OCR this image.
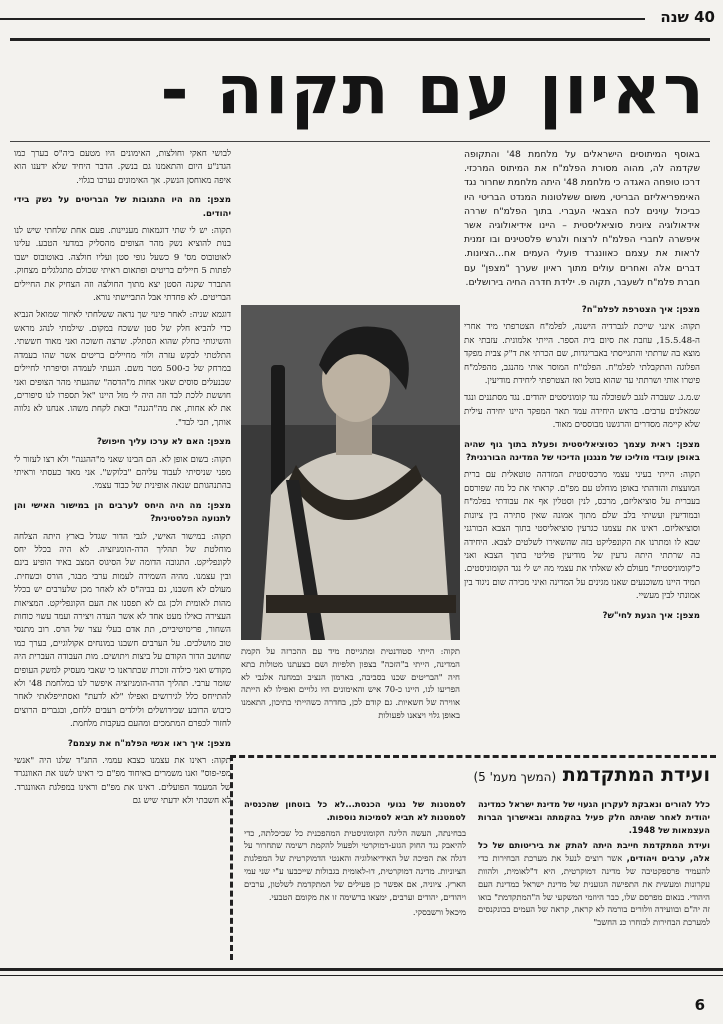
40 שנה
ראיון עם תקוה -
באוסף המיתוסים הישראלים על מלחמת 48' והתקופה שקדמה לה, מהוה מסורת הפלמ"ח את המיתוס המרכזי. דרכו טופחה האגדה כי מלחמת 48' היתה מלחמת שחרור נגד האימפריאליזם הבריטי, משום ששלטונות המנדט הבריטי היו כביכול עוינים לכח הצבאי העברי. בתוך הפלמ"ח שררה אידאולוגיה ציונית סוציאליסטית – היינו אידיאולוגיה אשר איפשרה לחברי הפלמ"ח לרצוח ולגרש פלסטינים ובו זמנית לראות את עצמם כאוונגרד פועלי העמים אח...הציונות. דברים אלה ואחרים עולים מתוך ראיון שערך "מצפן" עם חברת פלמ"ח לשעבר, תקוה פ. ילידת חדרה החיה בירושלים.

מצפן: איך הצטרפת לפלמ"ח?

תקוה: אינני שייכת לגברדיה הישנה, לפלמ"ח הצטרפתי מיד אחרי ה-15.5.48, עוזבת את סיום בית הספר. הייתי אלמונית. עזבתי את מוצא בה שרתתי והתגייסתי באבריגדות, שם הכרתי את ד"ק צבית מפקד הפלוגה והתקבלתי לפלמ"ח. הפלמ"ח המוסר אותי מהנגב, מהפלמ"ח פיטרו אותי ושרתתי עד שהוא בוטל ואז הצטרפתי ליחידת מודיעין.

ש.מ.ג. שעברה לנגב לשפוכלה נגד קומוניסטים יהודים. נגד מסתננים ונגד שמאלנים ערבים. בראש היחידה עמד תאר המפקד היינו יחידה עילית שלא קיימה מסדרים והרגשנו מבוססים מאוד.

מצפן: ראית עצמך כסוציאליסטית ופעלת בתוך גוף שהיה באופן עובדי מוליכו של מנגנון הדיכוי של המדינה הבורגנית?

תקוה: הייתי בעיני עצמי מרכסיסטית המזדהה טוטאלית עם ברית המועצות והזדהתי באופן מוחלט עם מפ"ם. קראתי את כל מה שפורסם בעברית על סוציאליזם, מרכס, לנין וסטלין אף את עבודתי בפלמ"ח ובמודיעין ועשיתי בלב שלם מתוך אמונה שאין סתירה בין ציונות וסוציאליזם. ראינו את עצמנו כגרעין סוציאליסטי בתוך הצבא הבורגני שבא לו ומתרנו את הקונפליקט בזה שהשאירו לשלטים לצבא. היחידה בה שרתתי היתה גרעין של מודיעין פוליטי בתוך הצבא ואני כ"קומוניסטית" מעולם לא שאלתי את עצמי מה יש לי נגד הקומוניסטים. תמיד היינו משוכנעים שאנו מגינים על המדינה ואיני מכירה שום ניגוד בין אמונתי לבין מעשיי.

מצפן: איך הגעת לחי"ש?

לבושי חאקי וחולצות, האימונים היו מטעם ביה"ס בערך כמו הגדנ"ע היום והתאמנו גם בנשק. הדבר היחיד שלא ידענו הוא איפה מאוחסן הנשק. אך האימונים נערכו בגלוי.

מצפן: מה היו התגובות של הבריטים על נשק בידי יהודים.

תקוה: יש לי שתי דוגמאות מעניינות. פעם אחת שלחתי שיש לנו בנות להוציא נשק מהר הצופים מהסליק במדעי הטבע. עלינו לאוטובוס מס' 9 כשעל גופי סטן ועליו חולצה. באוטובוס ישבו לפתות 5 חיילים בריטים ופתאום ראיתי שכולם מתגלגלים מצחוק. התברר שקנה הסטן יצא מתוך החולצה וזה הצחיק את החיילים הבריטים. לא פחדתי אבל התביישתי נורא.

דוגמא שניה: לאחר פינוי שך נראה ששלחתי לאיזור שמואל הנביא כדי להביא חלק של סטן ששכח במקום. שילמתי לנהג מראש והשיגותי כחלק שהוא הסתלק. שרצה חשוכה ואני מאוד חששתי. התלטתי לבקש עזרה ולווי מחיילים בריטים אשר שהו בעמדה במרחק של כ-500 מטר משם. הגעתי לעמדה וסיפרתי לחיילים שבנעלים סוסים שאני אחות מ"הדסה" שהגעתי מהר הצופים ואני חוששת ללכת לבד וזה היה לי מזל היינו "אל תספרו לנו סיפורים, את לא אחות, את מה"הגנה" ובאת לקחת משהו. אנחנו לא נלווה אותך, תכי לבד".

מצפן: האם לא ערכו עליך חיפוש?

תקוה: בשום אופן לא. הם הבינו שאני מ"ההגנה" ולא רצו לעזור לי מפני שניסיתי לעבוד עליהם "בלוקש". אני מאד כעסתי וראיתי בהתנהגותם שנאה אופינית של כבוד עצמי.

מצפן: מה היה היחס לערבים הן במישור האישי והן לתנועה הפלסטינית?

תקוה: במישור האישי, לגבי הדור שגדל בארץ היתה הצלחה מוחלטת של תהליך הדה-הומניזציה. לא היה בכלל יחס לקונפליקט. התגובה הדומה של הסיגוס המצב באיד הופיע בינם ובין עצמנו. מהיה השמידה לעמות ערבי מבגר, הורס וכשחית. מעולם לא חשבנו, גם בביה"ס לא לאחר מכן שלערבים יש בכלל מהות לאומית ולכן גם לא תפסנו את העם הקונפליקט. המציאות העצירה כאילו מעט אחד לא אשר העדה ויצירה ועמד עשוי כוחות השחור, פרימיטיביים, תת אדם בעלי עצר של הרס. רוב מתנסי טוב מושלכים. על הערבים חשבנו במונחים אקולוגיים, בערך כמו שחושב הדור הקודם על ביצות ויתושים. מות העבודה העברית היה מקודש ואני כילדה זוכרת שכתראנו כי שאבי מעסיק למשק העופים שומר ערבי. תהליך הדה-הומניזציה איפשר לנו במלחמת 48' ולא להתייחס כלל לגירושים ואפילו "לא לדעת" ואסתייפלאתי לאחר כיבוש הרובע שבירושלים ולילדים רעבים ללחם, ובגברים הרוצים לחזור לכפרם המתמכים ומהעם בעקבות מלחמת.

מצפן: איך ראו אנשי הפלמ"ח את עצמם?

תקוה: ראינו את עצמנו כצבא עממי. התג"ד שלנו היה "אנשי מפי-פוס" ואנו משמרים באיחוד מפ"ם כי ראינו לשנו את האוונגרד של המעמד הפועלים. ראינו את מפ"ם וראינו במפלגת האוונגרד. לא חשבתי ולא ידעתי שיש גם

תקוה: הייתי סטודנטית ומתגייסת מיד עם ההכרזה על הקמת המדינה, הייתי ב"הזכה" בצפון תלפיות ושם בצעתנו מטולות בתא חיה "הבריטים שכנו בסביבה, בארמון הנציב ובמחנה אלנבי לא הפריעו לנו, היינו כ-70 איש והאימונים היו גלויים ואפילו לא הייתה אווירה של חשאיות. גם קודם לכן, בחדרה כשהייתי בתיכון, התאמנו באופן גלוי ויצאנו לפעולות
ועידת המתקדמת (המשך מעמ' 5)

כלל להורים ונאבקת לעקרון הגעוי של מדינת ישראל כמדינה יהודית לאחר שהיתה חלק פעיל בהקמתה ובאישרוך הברות העצמאות של 1948.

ועידת המתקדמת חייבת היתה להתק את ביריטותם של כל אלה, ערבים ויהודים, אשר רוצים לנעל את מערכת הבחירות כדי להעמיד פרספקטיבה של מדינה דמוקרטית, היא ד"לאומית, ולהוות עקרונות ומעשית את התפישה הגזענית של מדינת ישראל כמדינת העם היהודי. בנאום מפרסם שלו, כבר היוזמי המשקעי של ה"המתקדמת" בואו זה יה"ם ובוועידה וולורים בורמה לא קראה, קראה של העמים בכונקנסים למערכת הבחירות לבוחרו כנ החשב"

לסמטנות של נגועי הכנסת...לא כל בוטחון שהכנסיה לסמטנות לא תביא לסמיכות נוספות.

בבחינתה, העשה הליגה הקומוניסטית המהפכנית כל שביכלתה, כדי להיאבק נגד החוק הגזע-דמוקרטי ולפעול להקמת רשימה שתחרור על דגלה את הפיכה של האידיאולוגיה והאנטי הדמוקרטית של המפלגות הציוניות. מדינה דמוקרטית, דו-לאומית בגבולות שייכבעו ע"י שני עמי הארץ. ציוניה, אם אפשר כן פעילים של המתקדמת לשלטון, ערבים ויהודים, יהודים וערבים, ימצאו ברשימה זו את מקומם הטבעי.

מיכאל ורשבסקי.

6
